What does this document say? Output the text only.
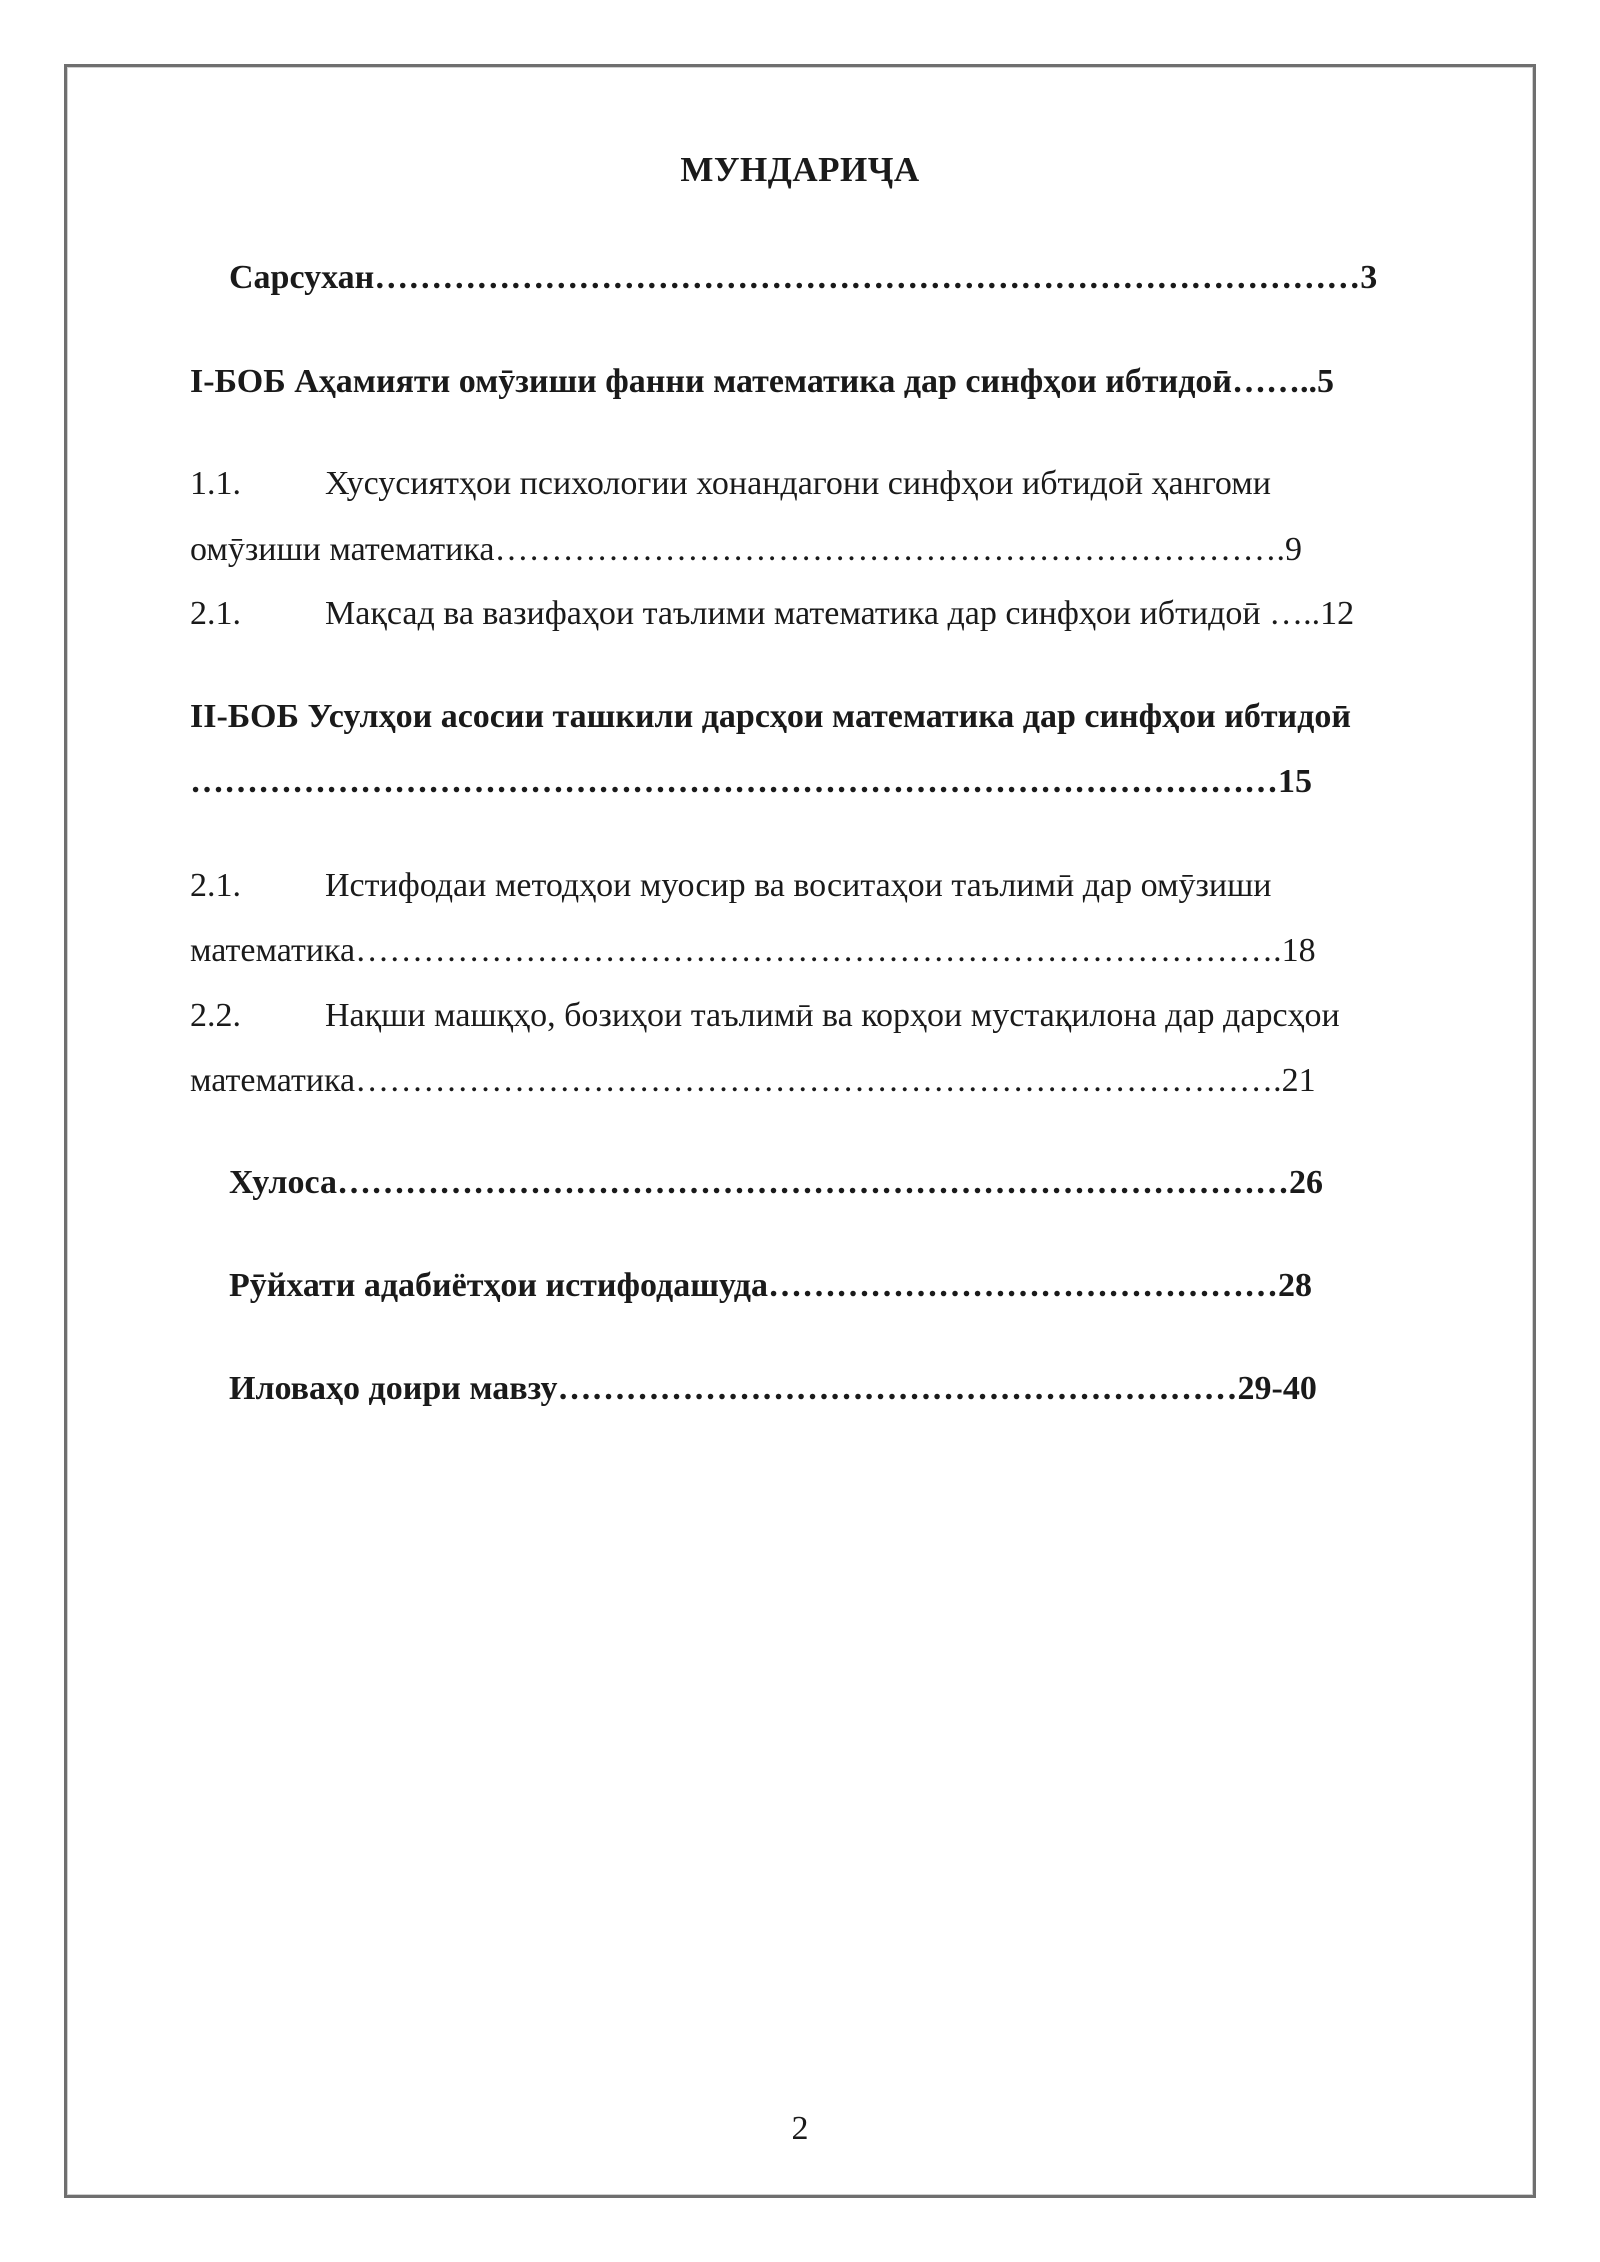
МУНДАРИҶА
Сарсухан……………………………………………………………………………3
I-БОБ Аҳамияти омӯзиши фанни математика дар синфҳои ибтидоӣ……..5
1.1. Хусусиятҳои психологии хонандагони синфҳои ибтидоӣ ҳангоми
омӯзиши математика…………………………………………………………….9
2.1. Мақсад ва вазифаҳои таълими математика дар синфҳои ибтидоӣ …..12
II-БОБ Усулҳои асосии ташкили дарсҳои математика дар синфҳои ибтидоӣ
……………………………………………………………………………………15
2.1. Истифодаи методҳои муосир ва воситаҳои таълимӣ дар омӯзиши
математика……………………………………………………………………….18
2.2. Нақши машқҳо, бозиҳои таълимӣ ва корҳои мустақилона дар дарсҳои
математика……………………………………………………………………….21
Хулоса…………………………………………………………………………26
Рӯйхати адабиётҳои истифодашуда………………………………………28
Иловаҳо доири мавзу……………………………………………………29-40
2
